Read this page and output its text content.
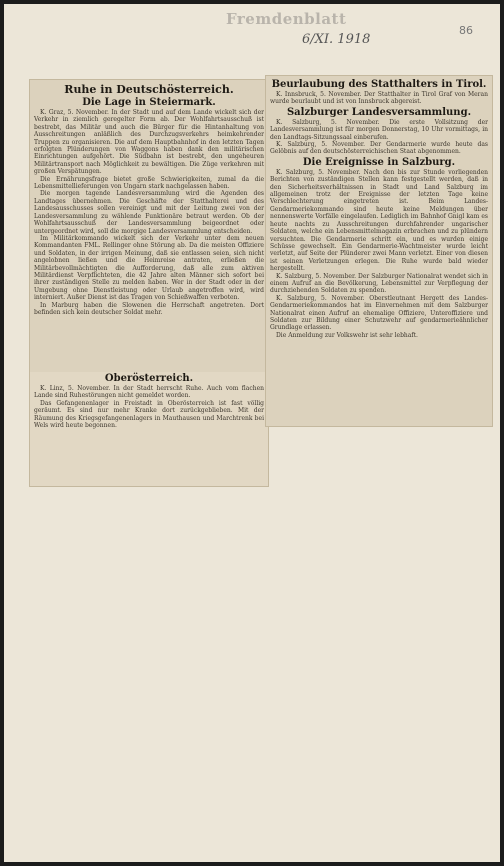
Fremdenblatt
6/XI. 1918
86
Ruhe in Deutschösterreich.
Die Lage in Steiermark.

K. Graz, 5. November. In der Stadt und auf dem Lande wickelt sich der Verkehr in ziemlich geregelter Form ab. Der Wohlfahrtsausschuß ist bestrebt, das Militär und auch die Bürger für die Hintanhaltung von Ausschreitungen anläßlich des Durchzugsverkehrs heimkehrender Truppen zu organisieren. Die auf dem Hauptbahnhof in den letzten Tagen erfolgten Plünderungen von Waggons haben dank den militärischen Einrichtungen aufgehört. Die Südbahn ist bestrebt, den ungeheuren Militärtransport nach Möglichkeit zu bewältigen. Die Züge verkehren mit großen Verspätungen.

Die Ernährungsfrage bietet große Schwierigkeiten, zumal da die Lebensmittellieferungen von Ungarn stark nachgelassen haben.

Die morgen tagende Landesversammlung wird die Agenden des Landtages übernehmen. Die Geschäfte der Statthalterei und des Landesausschusses sollen vereinigt und mit der Leitung zwei von der Landesversammlung zu wählende Funktionäre betraut werden. Ob der Wohlfahrtsausschuß der Landesversammlung beigeordnet oder untergeordnet wird, soll die morgige Landesversammlung entscheiden.

Im Militärkommando wickelt sich der Verkehr unter dem neuen Kommandanten FML. Rellinger ohne Störung ab. Da die meisten Offiziere und Soldaten, in der irrigen Meinung, daß sie entlassen seien, sich nicht angelobnen ließen und die Heimreise antraten, erließen die Militärbevollmächtigten die Aufforderung, daß alle zum aktiven Militärdienst Verpflichteten, die 42 Jahre alten Männer sich sofort bei ihrer zuständigen Stelle zu melden haben. Wer in der Stadt oder in der Umgebung ohne Dienstleistung oder Urlaub angetroffen wird, wird interniert. Außer Dienst ist das Tragen von Schießwaffen verboten.

In Marburg haben die Slowenen die Herrschaft angetreten. Dort befinden sich kein deutscher Soldat mehr.

Oberösterreich.

K. Linz, 5. November. In der Stadt herrscht Ruhe. Auch vom flachen Lande sind Ruhestörungen nicht gemeldet worden.

Das Gefangenenlager in Freistadt in Oberösterreich ist fast völlig geräumt. Es sind nur mehr Kranke dort zurückgeblieben. Mit der Räumung des Kriegsgefangenenlagers in Mauthausen und Marchtrenk bei Wels wird heute begonnen.

Beurlaubung des Statthalters in Tirol.

K. Innsbruck, 5. November. Der Statthalter in Tirol Graf von Meran wurde beurlaubt und ist von Innsbruck abgereist.

Salzburger Landesversammlung.

K. Salzburg, 5. November. Die erste Vollsitzung der Landesversammlung ist für morgen Donnerstag, 10 Uhr vormittags, in den Landtags-Sitzungssaal einberufen.

K. Salzburg, 5. November. Der Gendarmerie wurde heute das Gelöbnis auf den deutschösterreichischen Staat abgenommen.

Die Ereignisse in Salzburg.

K. Salzburg, 5. November. Nach den bis zur Stunde vorliegenden Berichten von zuständigen Stellen kann festgestellt werden, daß in den Sicherheitsverhältnissen in Stadt und Land Salzburg im allgemeinen trotz der Ereignisse der letzten Tage keine Verschlechterung eingetreten ist. Beim Landes-Gendarmeriekommando sind heute keine Meldungen über nennenswerte Vorfälle eingelaufen. Lediglich im Bahnhof Gnigl kam es heute nachts zu Ausschreitungen durchfahrender ungarischer Soldaten, welche ein Lebensmittelmagazin erbrachen und zu plündern versuchten. Die Gendarmerie schritt ein, und es wurden einige Schüsse gewechselt. Ein Gendarmerie-Wachtmeister wurde leicht verletzt, auf Seite der Plünderer zwei Mann verletzt. Einer von diesen ist seinen Verletzungen erlegen. Die Ruhe wurde bald wieder hergestellt.

K. Salzburg, 5. November. Der Salzburger Nationalrat wendet sich in einem Aufruf an die Bevölkerung, Lebensmittel zur Verpflegung der durchziehenden Soldaten zu spenden.

K. Salzburg, 5. November. Oberstleutnant Hergett des Landes-Gendarmeriekommandos hat im Einvernehmen mit dem Salzburger Nationalrat einen Aufruf an ehemalige Offiziere, Unteroffiziere und Soldaten zur Bildung einer Schutzwehr auf gendarmerieähnlicher Grundlage erlassen.

Die Anmeldung zur Volkswehr ist sehr lebhaft.
